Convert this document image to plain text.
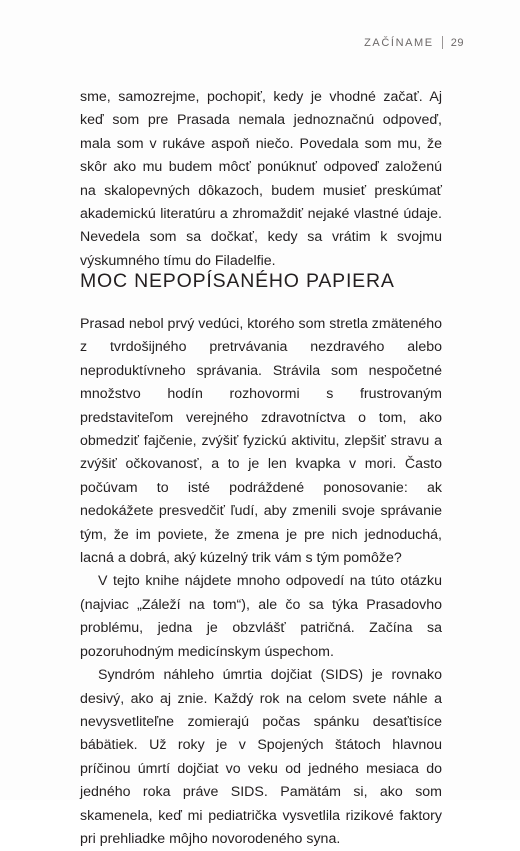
ZAČÍNAME 29

sme, samozrejme, pochopiť, kedy je vhodné začať. Aj keď som pre Prasada nemala jednoznačnú odpoveď, mala som v rukáve aspoň niečo. Povedala som mu, že skôr ako mu budem môcť ponúknuť odpoveď založenú na skalopevných dôkazoch, budem musieť preskúmať akademickú literatúru a zhromaždiť nejaké vlastné údaje. Nevedela som sa dočkať, kedy sa vrátim k svojmu výskumného tímu do Filadelfie.

MOC NEPOPÍSANÉHO PAPIERA

Prasad nebol prvý vedúci, ktorého som stretla zmäteného z tvrdošijného pretrvávania nezdravého alebo neproduktívneho správania. Strávila som nespočetné množstvo hodín rozhovormi s frustrovaným predstaviteľom verejného zdravotníctva o tom, ako obmedziť fajčenie, zvýšiť fyzickú aktivitu, zlepšiť stravu a zvýšiť očkovanosť, a to je len kvapka v mori. Často počúvam to isté podráždené ponosovanie: ak nedokážete presvedčiť ľudí, aby zmenili svoje správanie tým, že im poviete, že zmena je pre nich jednoduchá, lacná a dobrá, aký kúzelný trik vám s tým pomôže?

V tejto knihe nájdete mnoho odpovedí na túto otázku (najviac „Záleží na tom“), ale čo sa týka Prasadovho problému, jedna je obzvlášť patričná. Začína sa pozoruhodným medicínskym úspechom.

Syndróm náhleho úmrtia dojčiat (SIDS) je rovnako desivý, ako aj znie. Každý rok na celom svete náhle a nevysvetliteľne zomierajú počas spánku desaťtisíce bábätiek. Už roky je v Spojených štátoch hlavnou príčinou úmrtí dojčiat vo veku od jedného mesiaca do jedného roka práve SIDS. Pamätám si, ako som skamenela, keď mi pediatrička vysvetlila rizikové faktory pri prehliadke môjho novorodeného syna.
